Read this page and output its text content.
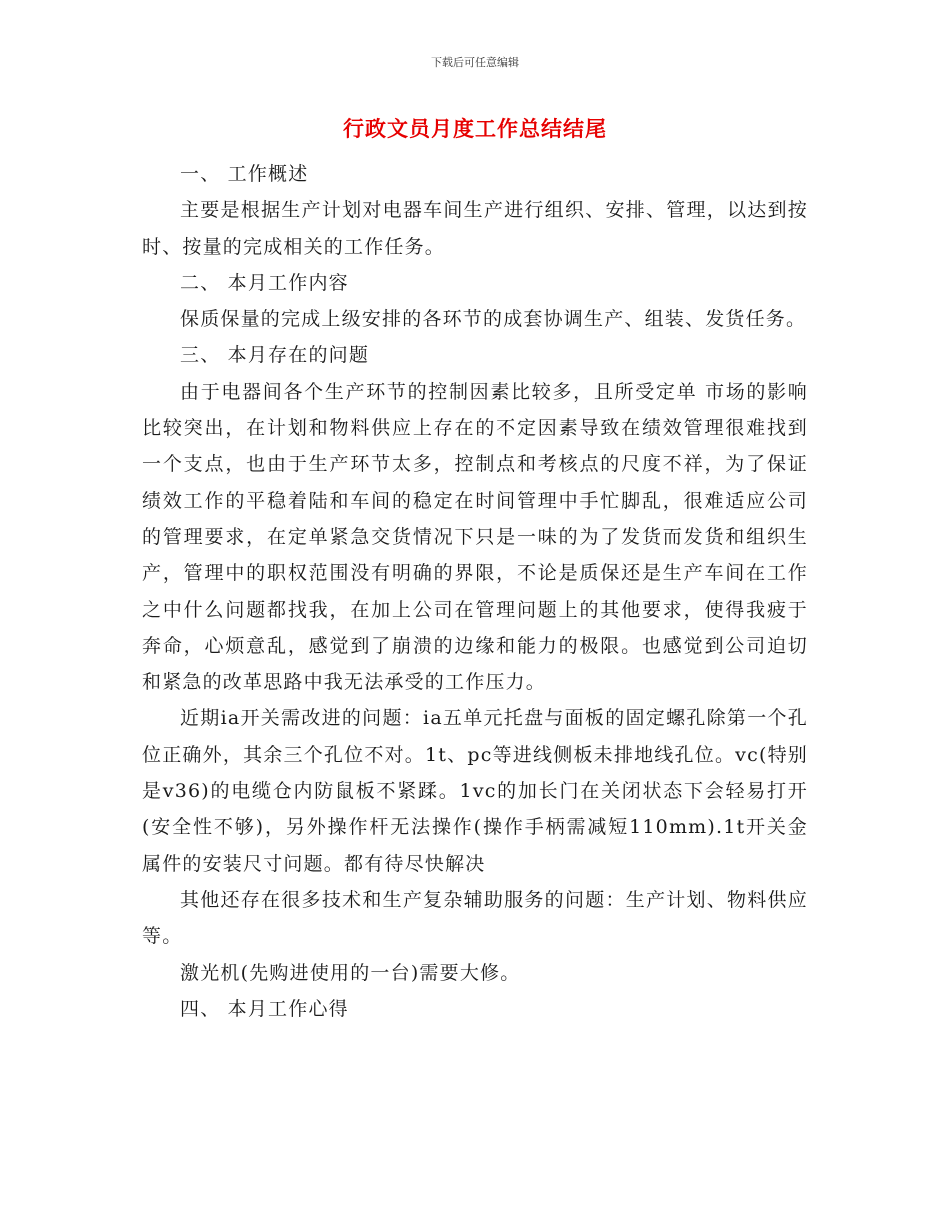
下载后可任意编辑
行政文员月度工作总结结尾

一、 工作概述

主要是根据生产计划对电器车间生产进行组织、安排、管理，以达到按时、按量的完成相关的工作任务。

二、 本月工作内容

保质保量的完成上级安排的各环节的成套协调生产、组装、发货任务。

三、 本月存在的问题

由于电器间各个生产环节的控制因素比较多，且所受定单 市场的影响比较突出，在计划和物料供应上存在的不定因素导致在绩效管理很难找到一个支点，也由于生产环节太多，控制点和考核点的尺度不祥，为了保证绩效工作的平稳着陆和车间的稳定在时间管理中手忙脚乱，很难适应公司的管理要求，在定单紧急交货情况下只是一味的为了发货而发货和组织生产，管理中的职权范围没有明确的界限，不论是质保还是生产车间在工作之中什么问题都找我，在加上公司在管理问题上的其他要求，使得我疲于奔命，心烦意乱，感觉到了崩溃的边缘和能力的极限。也感觉到公司迫切和紧急的改革思路中我无法承受的工作压力。

近期ia开关需改进的问题：ia五单元托盘与面板的固定螺孔除第一个孔位正确外，其余三个孔位不对。1t、pc等进线侧板未排地线孔位。vc(特别是v36)的电缆仓内防鼠板不紧蹂。1vc的加长门在关闭状态下会轻易打开(安全性不够)，另外操作杆无法操作(操作手柄需减短110mm).1t开关金属件的安装尺寸问题。都有待尽快解决

其他还存在很多技术和生产复杂辅助服务的问题：生产计划、物料供应等。

激光机(先购进使用的一台)需要大修。

四、 本月工作心得
